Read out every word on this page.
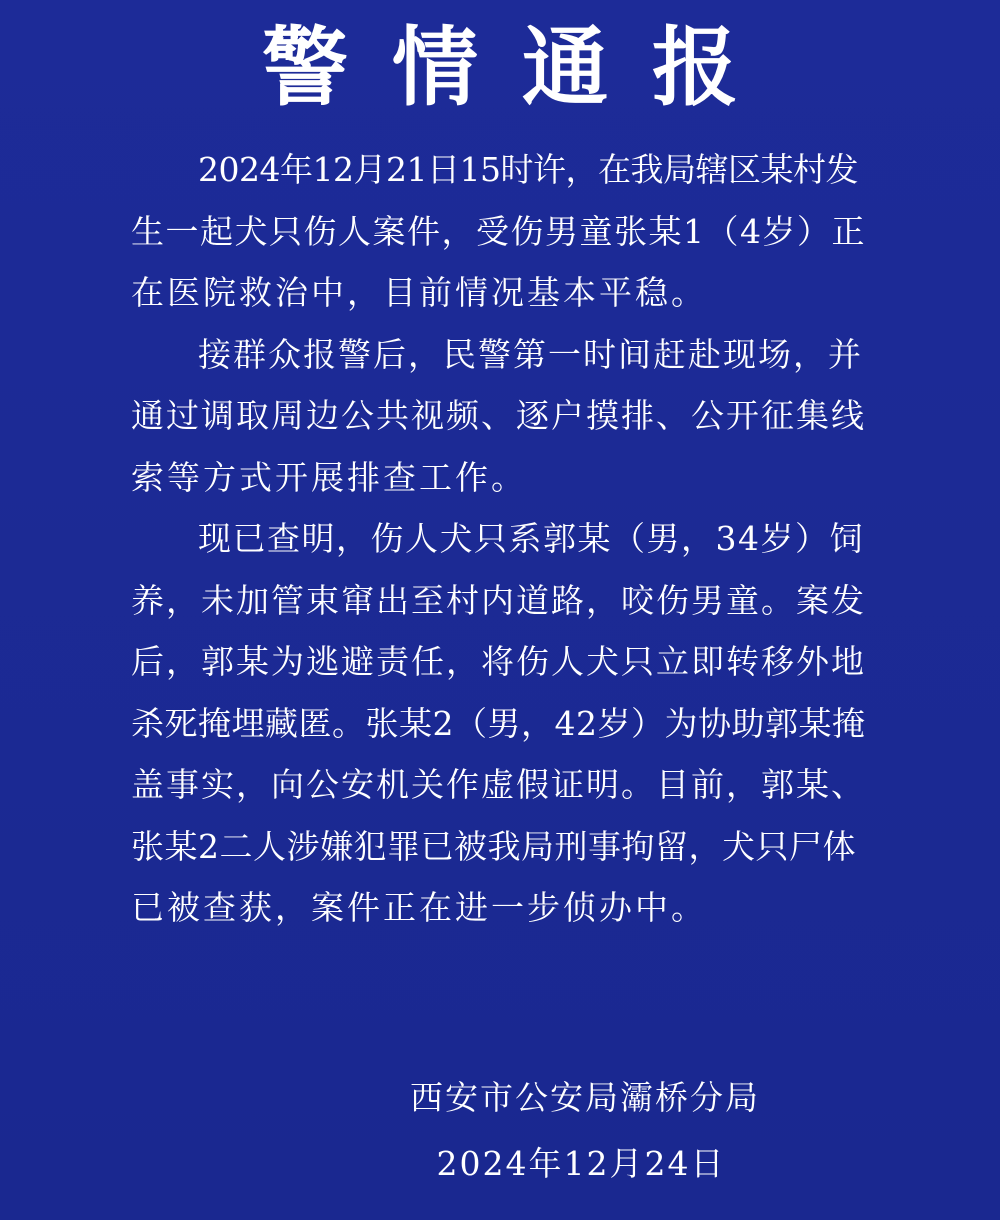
警情通报
2024年12月21日15时许，在我局辖区某村发
生一起犬只伤人案件，受伤男童张某1（4岁）正
在医院救治中，目前情况基本平稳。
接群众报警后，民警第一时间赶赴现场，并
通过调取周边公共视频、逐户摸排、公开征集线
索等方式开展排查工作。
现已查明，伤人犬只系郭某（男，34岁）饲
养，未加管束窜出至村内道路，咬伤男童。案发
后，郭某为逃避责任，将伤人犬只立即转移外地
杀死掩埋藏匿。张某2（男，42岁）为协助郭某掩
盖事实，向公安机关作虚假证明。目前，郭某、
张某2二人涉嫌犯罪已被我局刑事拘留，犬只尸体
已被查获，案件正在进一步侦办中。
西安市公安局灞桥分局
2024年12月24日
